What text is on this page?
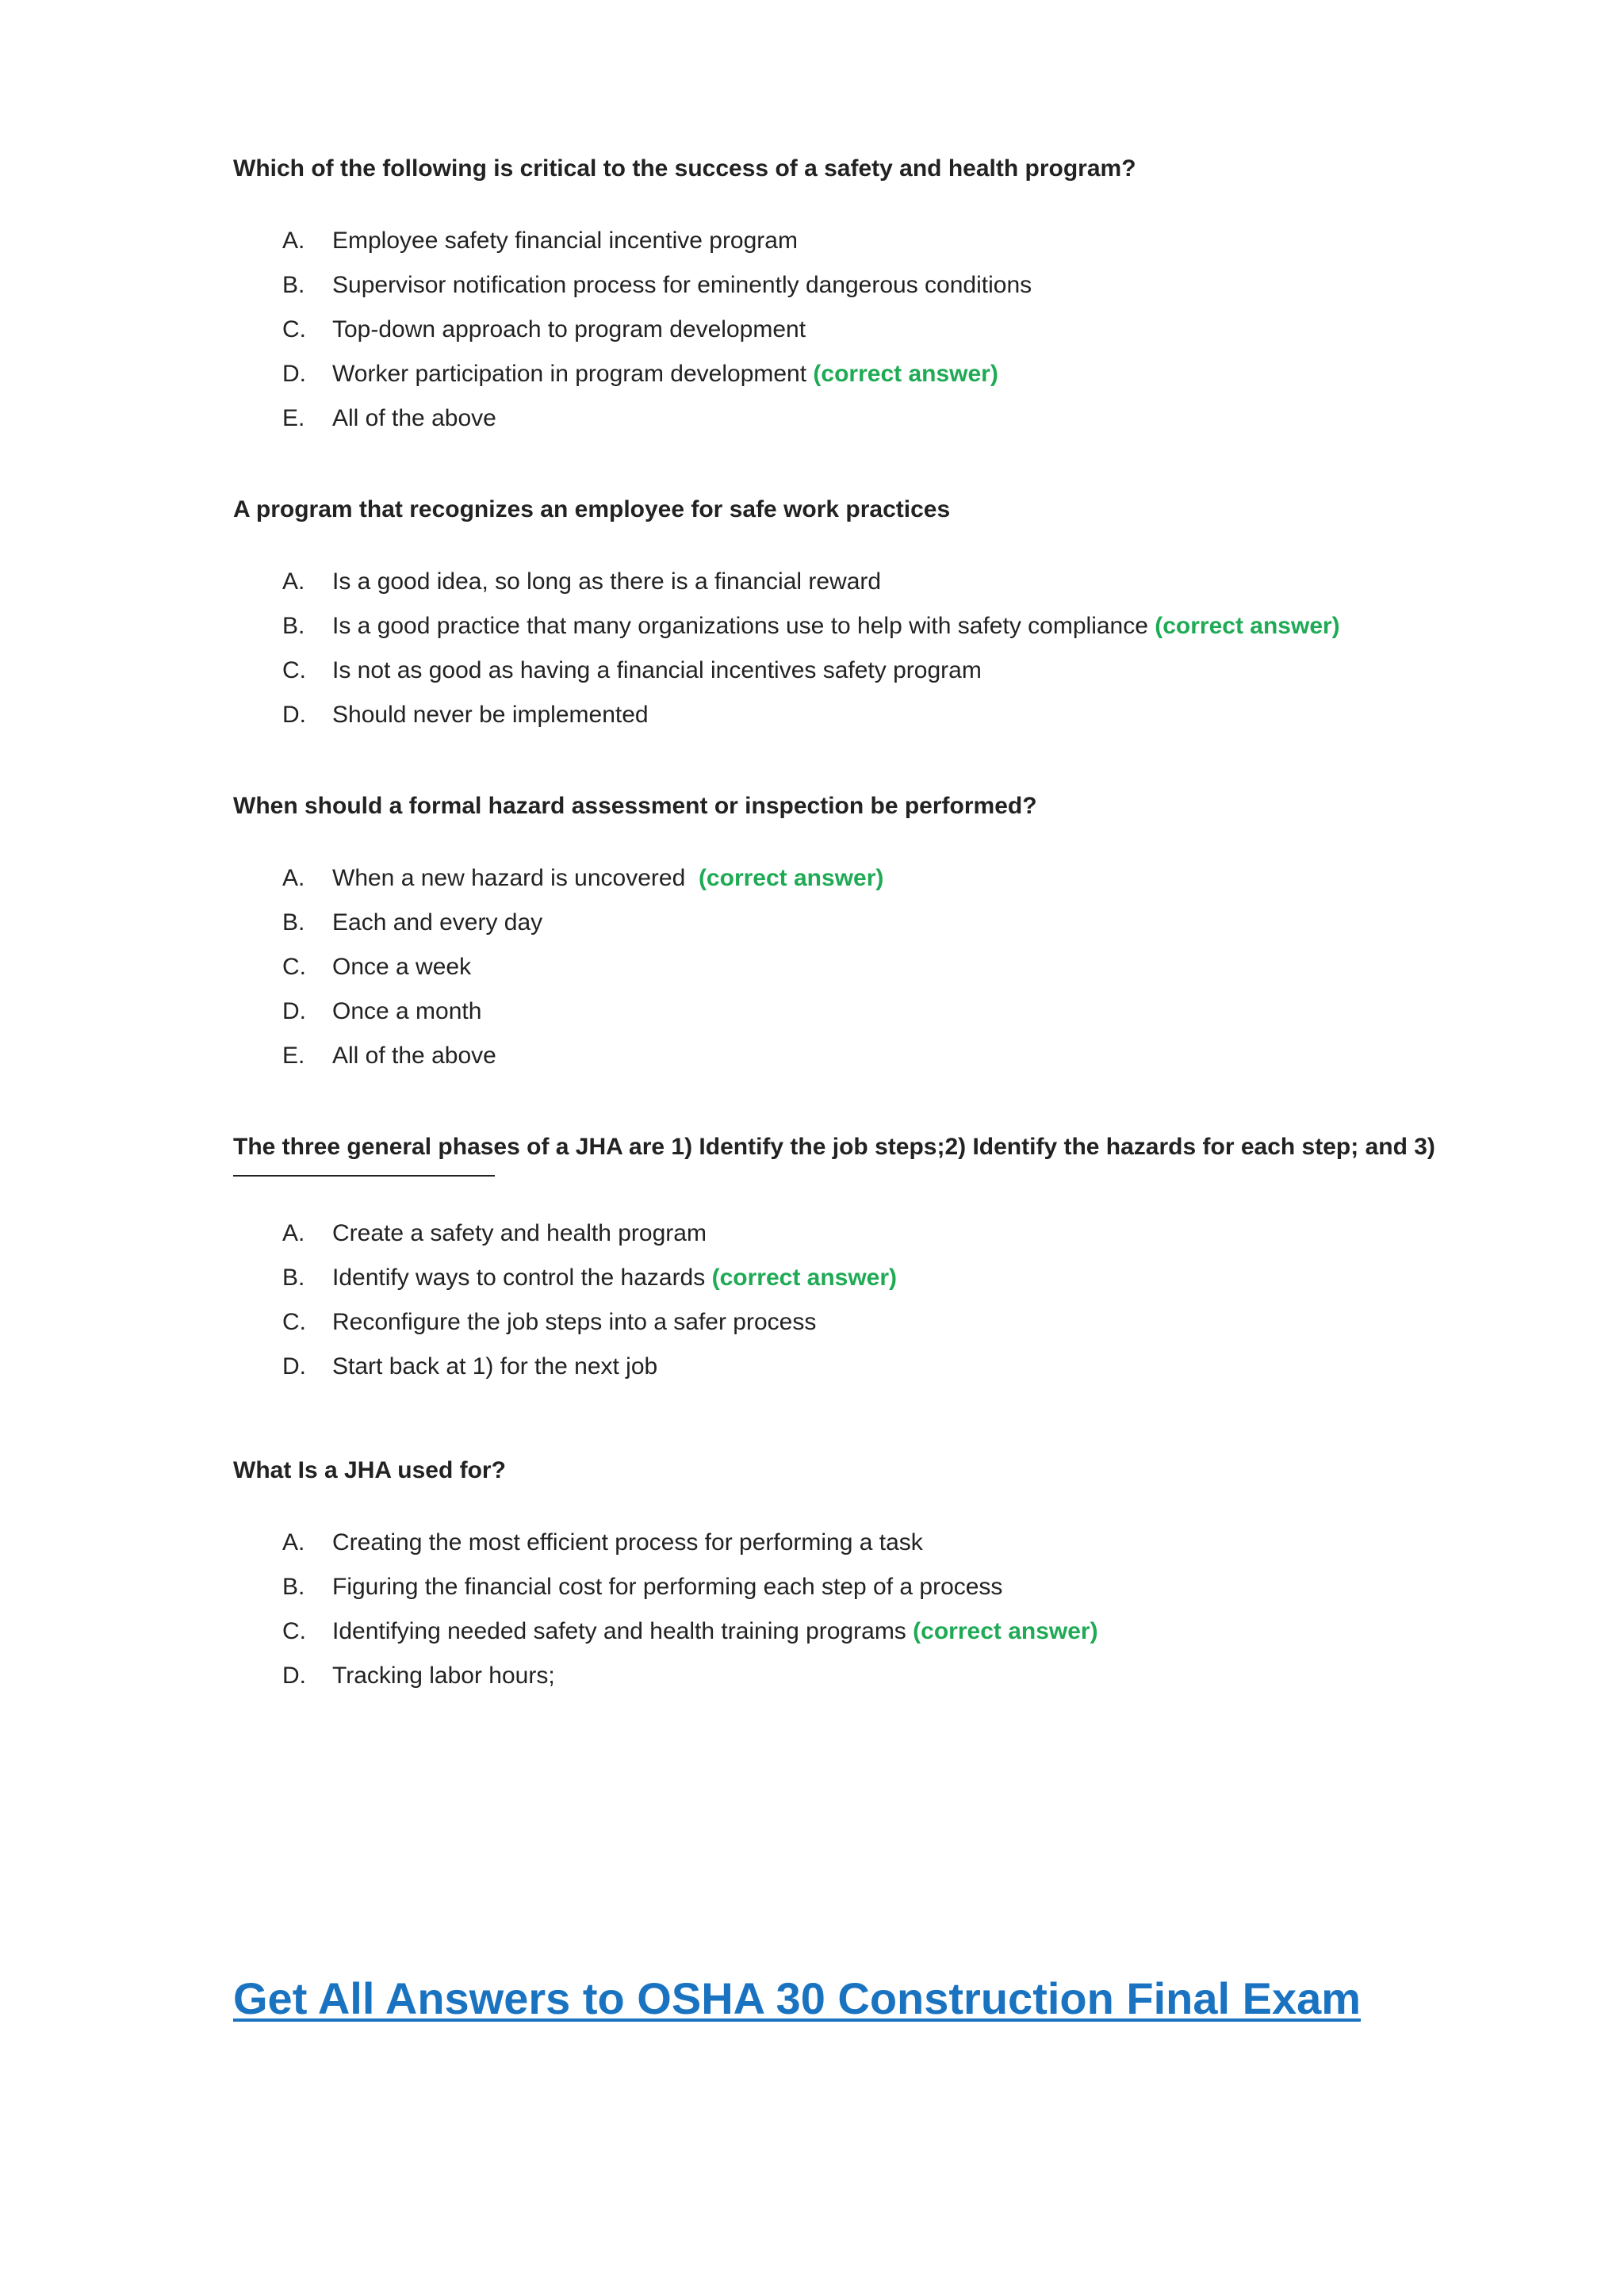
Which of the following is critical to the success of a safety and health program?

A.	Employee safety financial incentive program
B.	Supervisor notification process for eminently dangerous conditions
C.	Top-down approach to program development
D.	Worker participation in program development (correct answer)
E.	All of the above

A program that recognizes an employee for safe work practices

A.	Is a good idea, so long as there is a financial reward
B.	Is a good practice that many organizations use to help with safety compliance (correct answer)
C.	Is not as good as having a financial incentives safety program
D.	Should never be implemented

When should a formal hazard assessment or inspection be performed?

A.	When a new hazard is uncovered  (correct answer)
B.	Each and every day
C.	Once a week
D.	Once a month
E.	All of the above

The three general phases of a JHA are 1) Identify the job steps;2) Identify the hazards for each step; and 3)

A.	Create a safety and health program
B.	Identify ways to control the hazards (correct answer)
C.	Reconfigure the job steps into a safer process
D.	Start back at 1) for the next job

What Is a JHA used for?

A.	Creating the most efficient process for performing a task
B.	Figuring the financial cost for performing each step of a process
C.	Identifying needed safety and health training programs (correct answer)
D.	Tracking labor hours;
Get All Answers to OSHA 30 Construction Final Exam
